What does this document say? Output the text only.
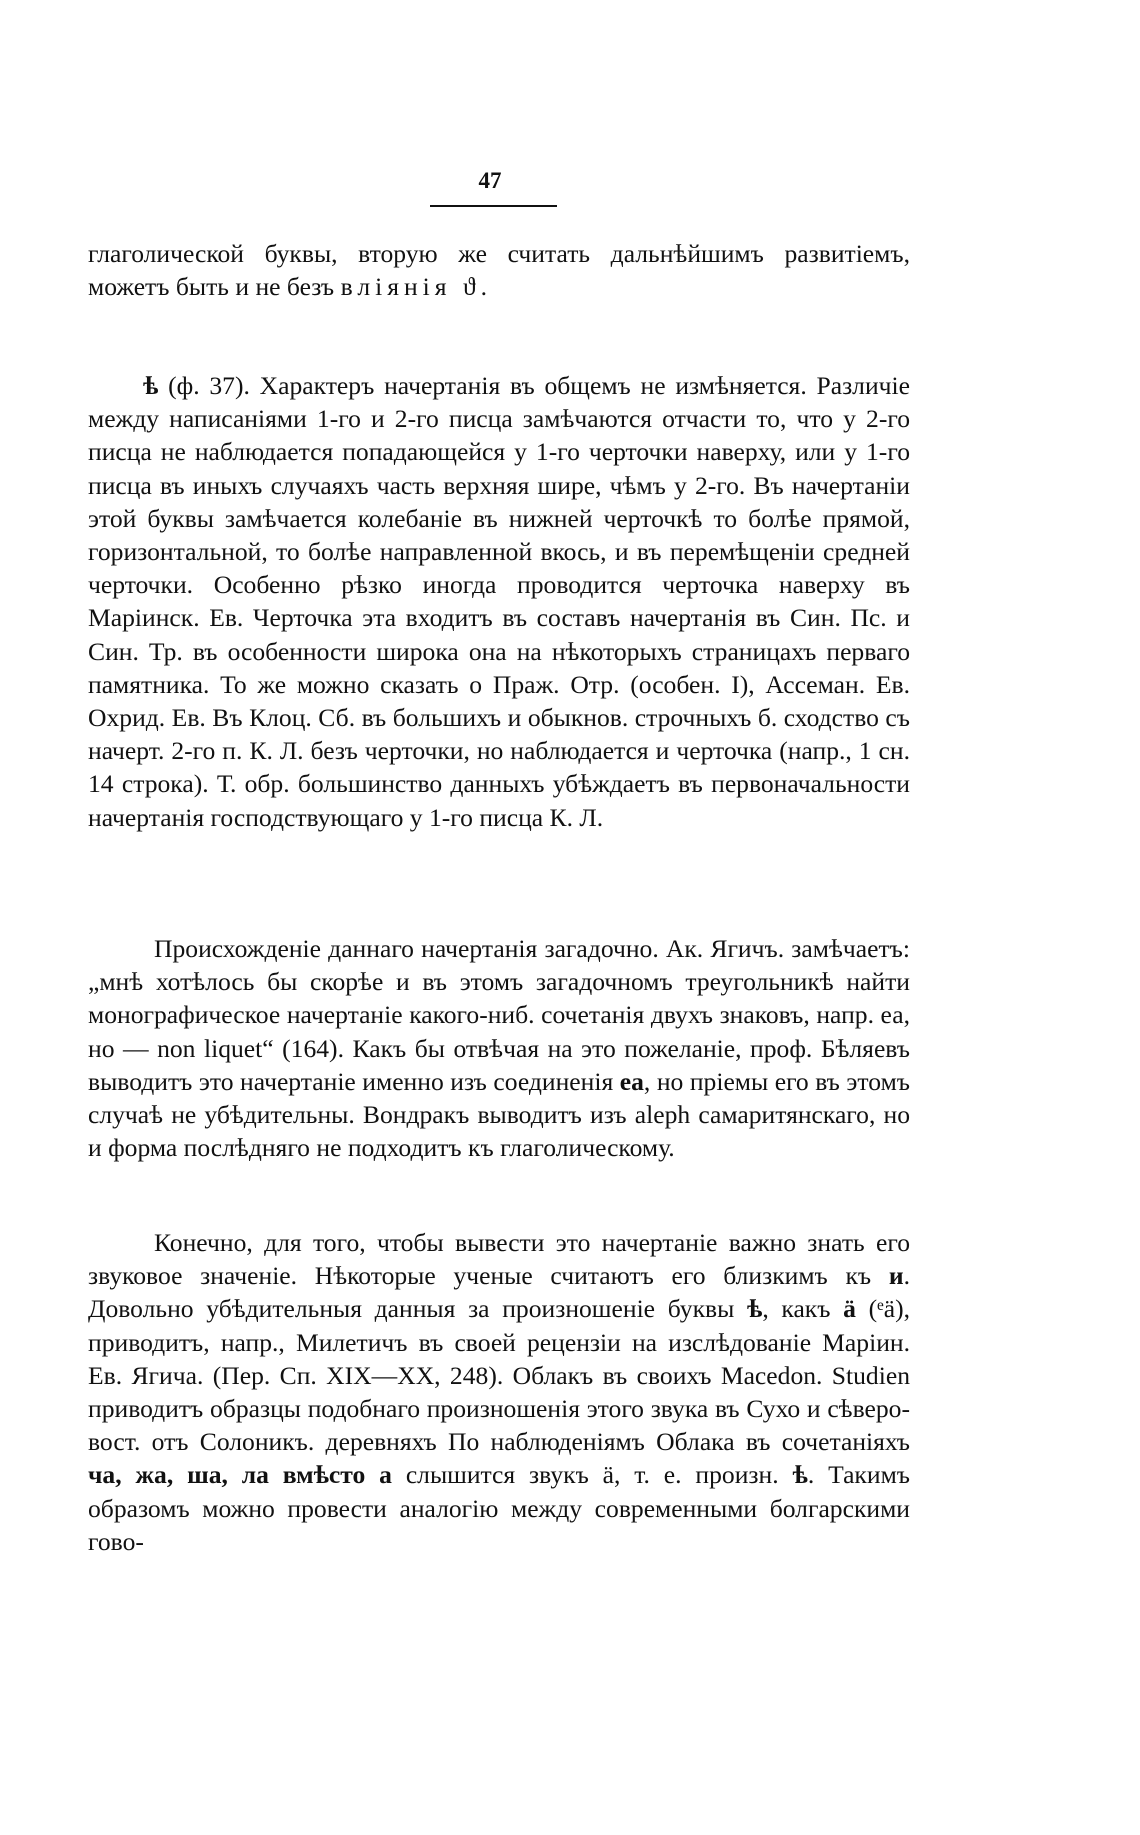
47

глаголической буквы, вторую же считать дальнѣйшимъ развитіемъ, можетъ быть и не безъ вліянія ϑ.

ѣ (ф. 37). Характеръ начертанія въ общемъ не измѣняется. Различіе между написаніями 1-го и 2-го писца замѣчаются отчасти то, что у 2-го писца не наблюдается попадающейся у 1-го черточки наверху, или у 1-го писца въ иныхъ случаяхъ часть верхняя шире, чѣмъ у 2-го. Въ начертаніи этой буквы замѣчается колебаніе въ нижней черточкѣ то болѣе прямой, горизонтальной, то болѣе направленной вкось, и въ перемѣщеніи средней черточки. Особенно рѣзко иногда проводится черточка наверху въ Маріинск. Ев. Черточка эта входитъ въ составъ начертанія въ Син. Пс. и Син. Тр. въ особенности широка она на нѣкоторыхъ страницахъ перваго памятника. То же можно сказать о Праж. Отр. (особен. I), Ассеман. Ев. Охрид. Ев. Въ Клоц. Сб. въ большихъ и обыкнов. строчныхъ б. сходство съ начерт. 2-го п. К. Л. безъ черточки, но наблюдается и черточка (напр., 1 сн. 14 строка). Т. обр. большинство данныхъ убѣждаетъ въ первоначальности начертанія господствующаго у 1-го писца К. Л.

Происхожденіе даннаго начертанія загадочно. Ак. Ягичъ. замѣчаетъ: „мнѣ хотѣлось бы скорѣе и въ этомъ загадочномъ треугольникѣ найти монографическое начертаніе какого-ниб. сочетанія двухъ знаковъ, напр. еа, но — non liquet“ (164). Какъ бы отвѣчая на это пожеланіе, проф. Бѣляевъ выводитъ это начертаніе именно изъ соединенія еа, но пріемы его въ этомъ случаѣ не убѣдительны. Вондракъ выводитъ изъ aleph самаритянскаго, но и форма послѣдняго не подходитъ къ глаголическому.

Конечно, для того, чтобы вывести это начертаніе важно знать его звуковое значеніе. Нѣкоторые ученые считаютъ его близкимъ къ и. Довольно убѣдительныя данныя за произношеніе буквы ѣ, какъ ä (ᵉä), приводитъ, напр., Милетичъ въ своей рецензіи на изслѣдованіе Маріин. Ев. Ягича. (Пер. Сп. XIX—XX, 248). Облакъ въ своихъ Macedon. Studien приводитъ образцы подобнаго произношенія этого звука въ Сухо и сѣверо-вост. отъ Солоникъ. деревняхъ По наблюденіямъ Облака въ сочетаніяхъ ча, жа, ша, ла вмѣсто а слышится звукъ ä, т. е. произн. ѣ. Такимъ образомъ можно провести аналогію между современными болгарскими гово-
